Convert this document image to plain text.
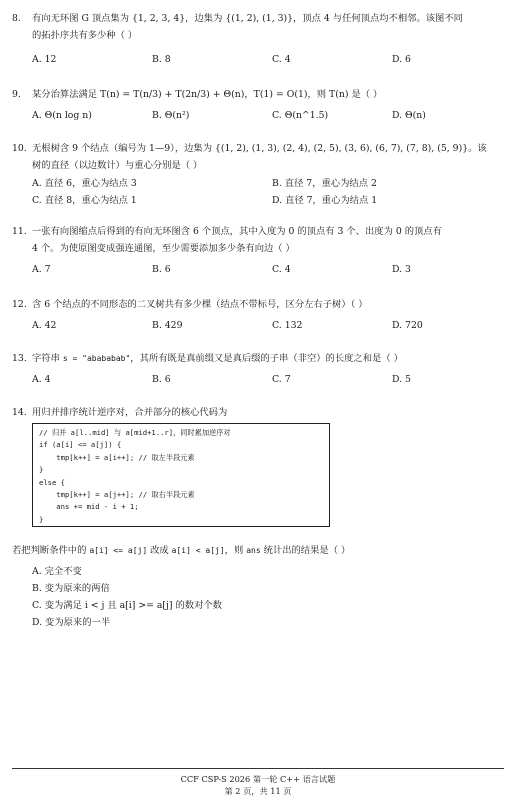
8. 有向无环图 G 顶点集为 {1, 2, 3, 4}，边集为 {(1, 2), (1, 3)}，顶点 4 与任何顶点均不相邻。该图不同
的拓扑序共有多少种（ ）
A. 12	B. 8	C. 4	D. 6
9. 某分治算法满足 T(n) = T(n/3) + T(2n/3) + Θ(n)，T(1) = O(1)，则 T(n) 是（ ）
A. Θ(n log n)	B. Θ(n²)	C. Θ(n^1.5)	D. Θ(n)
10. 无根树含 9 个结点（编号为 1—9），边集为 {(1, 2), (1, 3), (2, 4), (2, 5), (3, 6), (6, 7), (7, 8), (5, 9)}。该
树的直径（以边数计）与重心分别是（ ）
A. 直径 6，重心为结点 3	B. 直径 7，重心为结点 2
C. 直径 8，重心为结点 1	D. 直径 7，重心为结点 1
11. 一张有向图缩点后得到的有向无环图含 6 个顶点，其中入度为 0 的顶点有 3 个、出度为 0 的顶点有
4 个。为使原图变成强连通图，至少需要添加多少条有向边（ ）
A. 7	B. 6	C. 4	D. 3
12. 含 6 个结点的不同形态的二叉树共有多少棵（结点不带标号，区分左右子树）（ ）
A. 42	B. 429	C. 132	D. 720
13. 字符串 s = "abababab"，其所有既是真前缀又是真后缀的子串（非空）的长度之和是（ ）
A. 4	B. 6	C. 7	D. 5
14. 用归并排序统计逆序对，合并部分的核心代码为
// 归并 a[l..mid] 与 a[mid+1..r]，同时累加逆序对
if (a[i] <= a[j]) {
tmp[k++] = a[i++]; // 取左半段元素
}
else {
tmp[k++] = a[j++]; // 取右半段元素
ans += mid - i + 1;
}
若把判断条件中的 a[i] <= a[j] 改成 a[i] < a[j]，则 ans 统计出的结果是（ ）
A. 完全不变
B. 变为原来的两倍
C. 变为满足 i < j 且 a[i] >= a[j] 的数对个数
D. 变为原来的一半
CCF CSP-S 2026 第一轮 C++ 语言试题
第 2 页，共 11 页
